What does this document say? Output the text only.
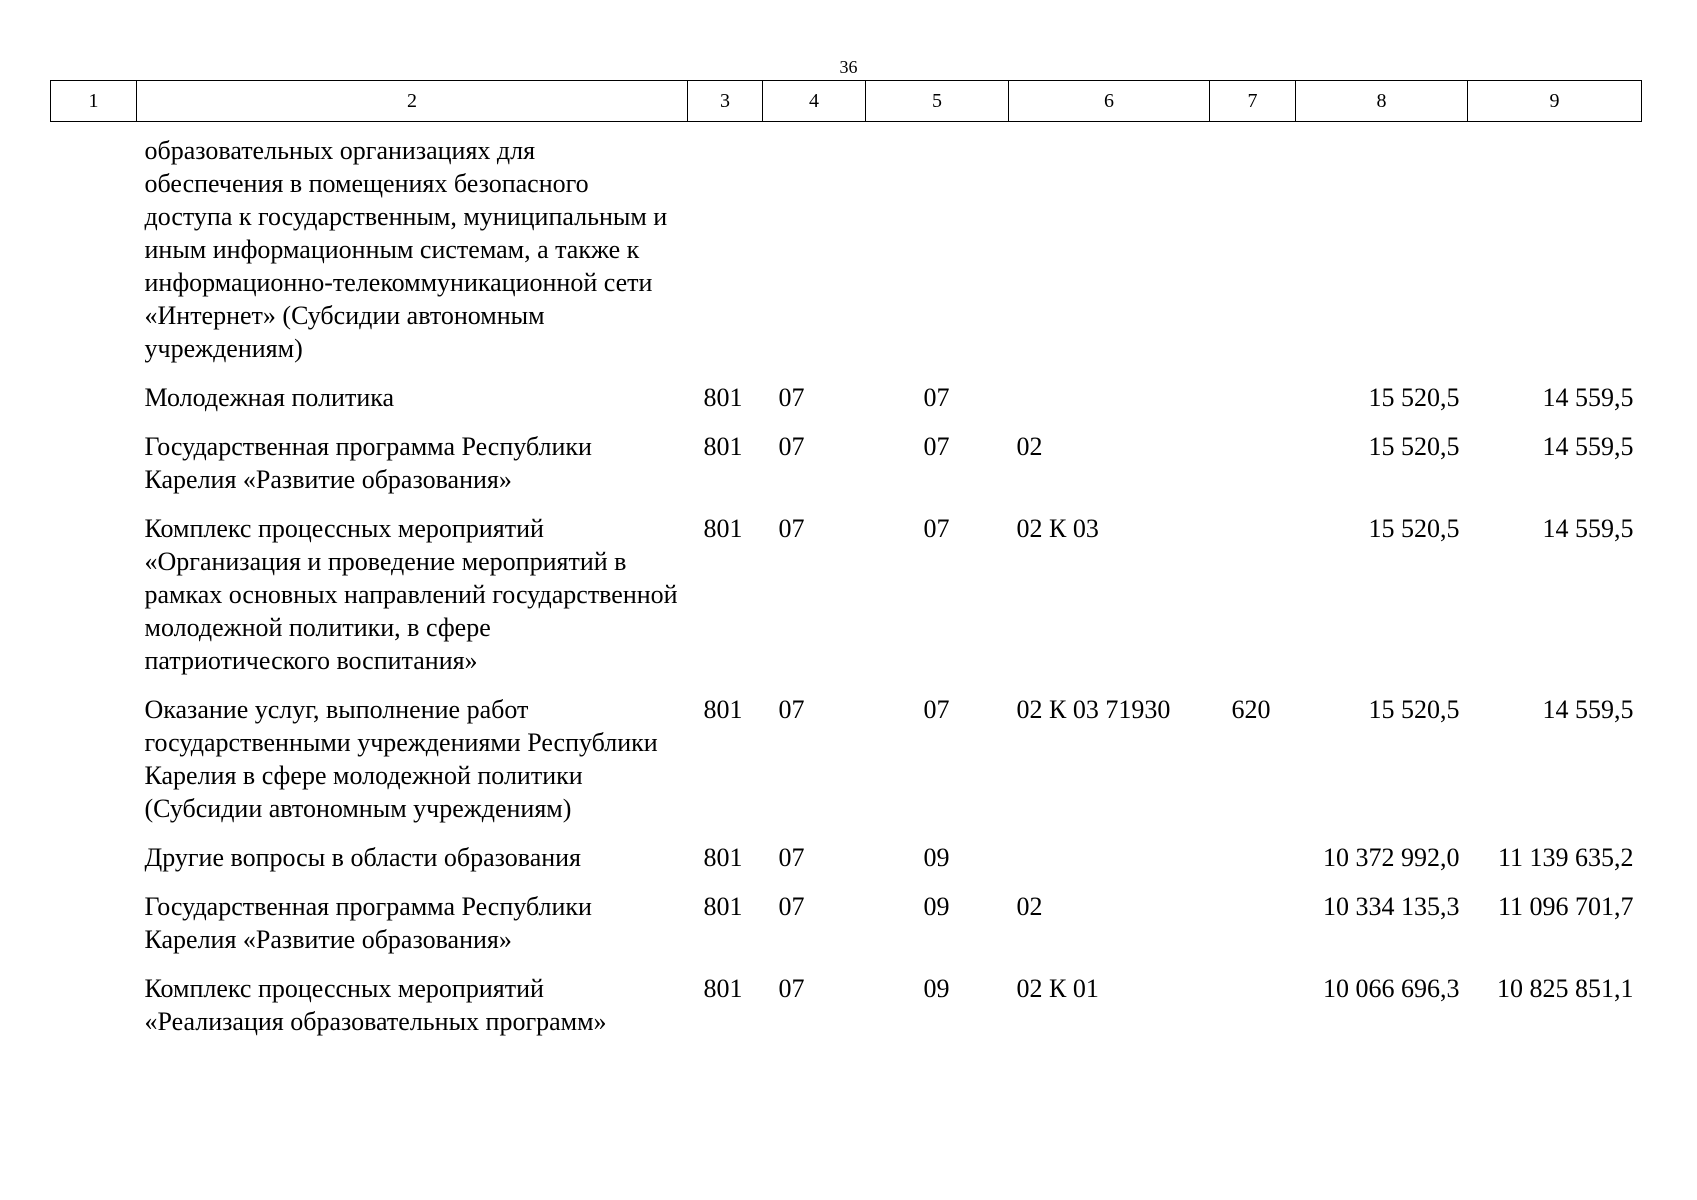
36
1	2	3	4	5	6	7	8	9
	образовательных организациях для обеспечения в помещениях безопасного доступа к государственным, муниципальным и иным информационным системам, а также к информационно-телекоммуникационной сети «Интернет» (Субсидии автономным учреждениям)							
	Молодежная политика	801	07	07			15 520,5	14 559,5
	Государственная программа Республики Карелия «Развитие образования»	801	07	07	02		15 520,5	14 559,5
	Комплекс процессных мероприятий «Организация и проведение мероприятий в рамках основных направлений государственной молодежной политики, в сфере патриотического воспитания»	801	07	07	02 К 03		15 520,5	14 559,5
	Оказание услуг, выполнение работ государственными учреждениями Республики Карелия в сфере молодежной политики (Субсидии автономным учреждениям)	801	07	07	02 К 03 71930	620	15 520,5	14 559,5
	Другие вопросы в области образования	801	07	09			10 372 992,0	11 139 635,2
	Государственная программа Республики Карелия «Развитие образования»	801	07	09	02		10 334 135,3	11 096 701,7
	Комплекс процессных мероприятий «Реализация образовательных программ»	801	07	09	02 К 01		10 066 696,3	10 825 851,1
